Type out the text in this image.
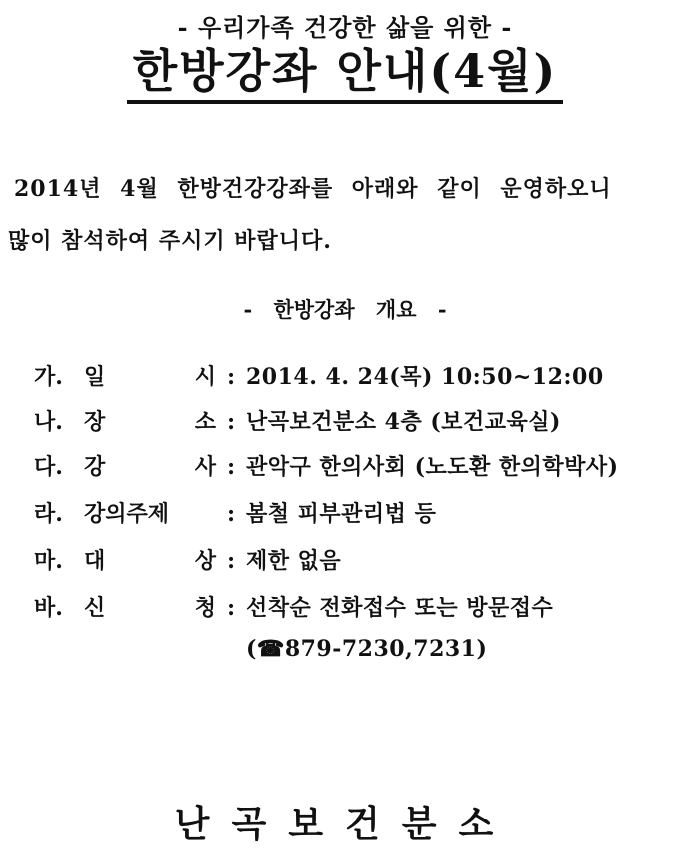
- 우리가족 건강한 삶을 위한 -
한방강좌 안내(4월)
2014년 4월 한방건강강좌를 아래와 같이 운영하오니
많이 참석하여 주시기 바랍니다.
- 한방강좌 개요 -
가. 일	시 : 2014. 4. 24(목) 10:50~12:00
나. 장	소 : 난곡보건분소 4층 (보건교육실)
다. 강	사 : 관악구 한의사회 (노도환 한의학박사)
라. 강의주제	: 봄철 피부관리법 등
마. 대	상 : 제한 없음
바. 신	청 : 선착순 전화접수 또는 방문접수
(☎879-7230,7231)
난곡보건분소
